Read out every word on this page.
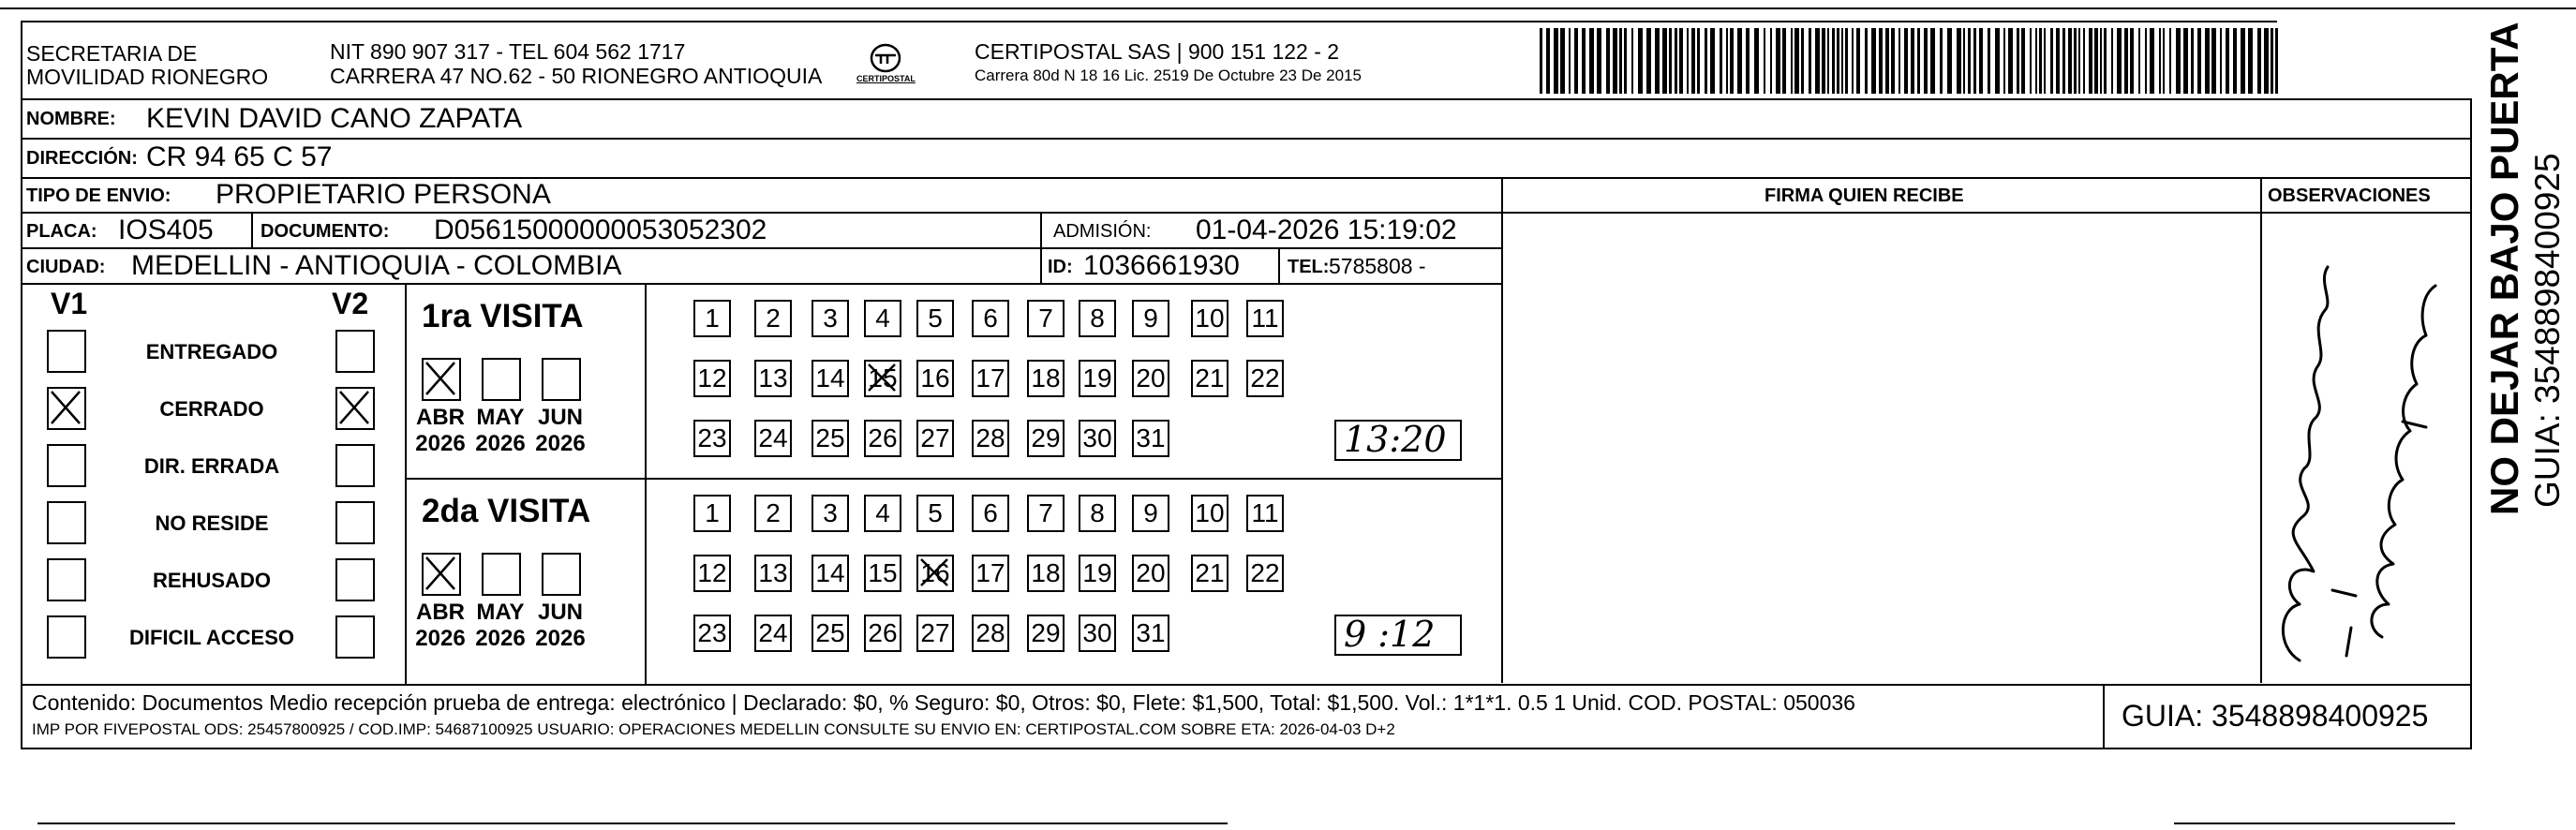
SECRETARIA DE
MOVILIDAD RIONEGRO
NIT 890 907 317 - TEL 604 562 1717
CARRERA 47 NO.62 - 50 RIONEGRO ANTIOQUIA	CERTIPOSTAL
CERTIPOSTAL SAS | 900 151 122 - 2
Carrera 80d N 18 16 Lic. 2519 De Octubre 23 De 2015
NOMBRE: KEVIN DAVID CANO ZAPATA
DIRECCIÓN: CR 94 65 C 57
TIPO DE ENVIO: PROPIETARIO PERSONA
PLACA: IOS405	DOCUMENTO: D05615000000053052302	ADMISIÓN: 01-04-2026 15:19:02
CIUDAD: MEDELLIN - ANTIOQUIA - COLOMBIA	ID: 1036661930	TEL: 5785808 -
FIRMA QUIEN RECIBE	OBSERVACIONES
V1	V2
ENTREGADO
CERRADO
DIR. ERRADA
NO RESIDE
REHUSADO
DIFICIL ACCESO
1ra VISITA
ABR
2026
MAY
2026
JUN
2026
1	2	3	4	5	6	7	8	9	10 11
12 13 14 15 16 17 18 19 20 21 22
23 24 25 26 27 28 29 30 31	13:20
2da VISITA
ABR
2026
MAY
2026
JUN
2026
1	2	3	4	5	6	7	8	9	10 11
12 13 14 15 16 17 18 19 20 21 22
23 24 25 26 27 28 29 30 31	9 :12
Contenido: Documentos Medio recepción prueba de entrega: electrónico | Declarado: $0, % Seguro: $0, Otros: $0, Flete: $1,500, Total: $1,500. Vol.: 1*1*1. 0.5 1 Unid. COD. POSTAL: 050036
IMP POR FIVEPOSTAL ODS: 25457800925 / COD.IMP: 54687100925 USUARIO: OPERACIONES MEDELLIN CONSULTE SU ENVIO EN: CERTIPOSTAL.COM SOBRE ETA: 2026-04-03 D+2	GUIA: 3548898400925
NO DEJAR BAJO PUERTA GUIA: 3548898400925
